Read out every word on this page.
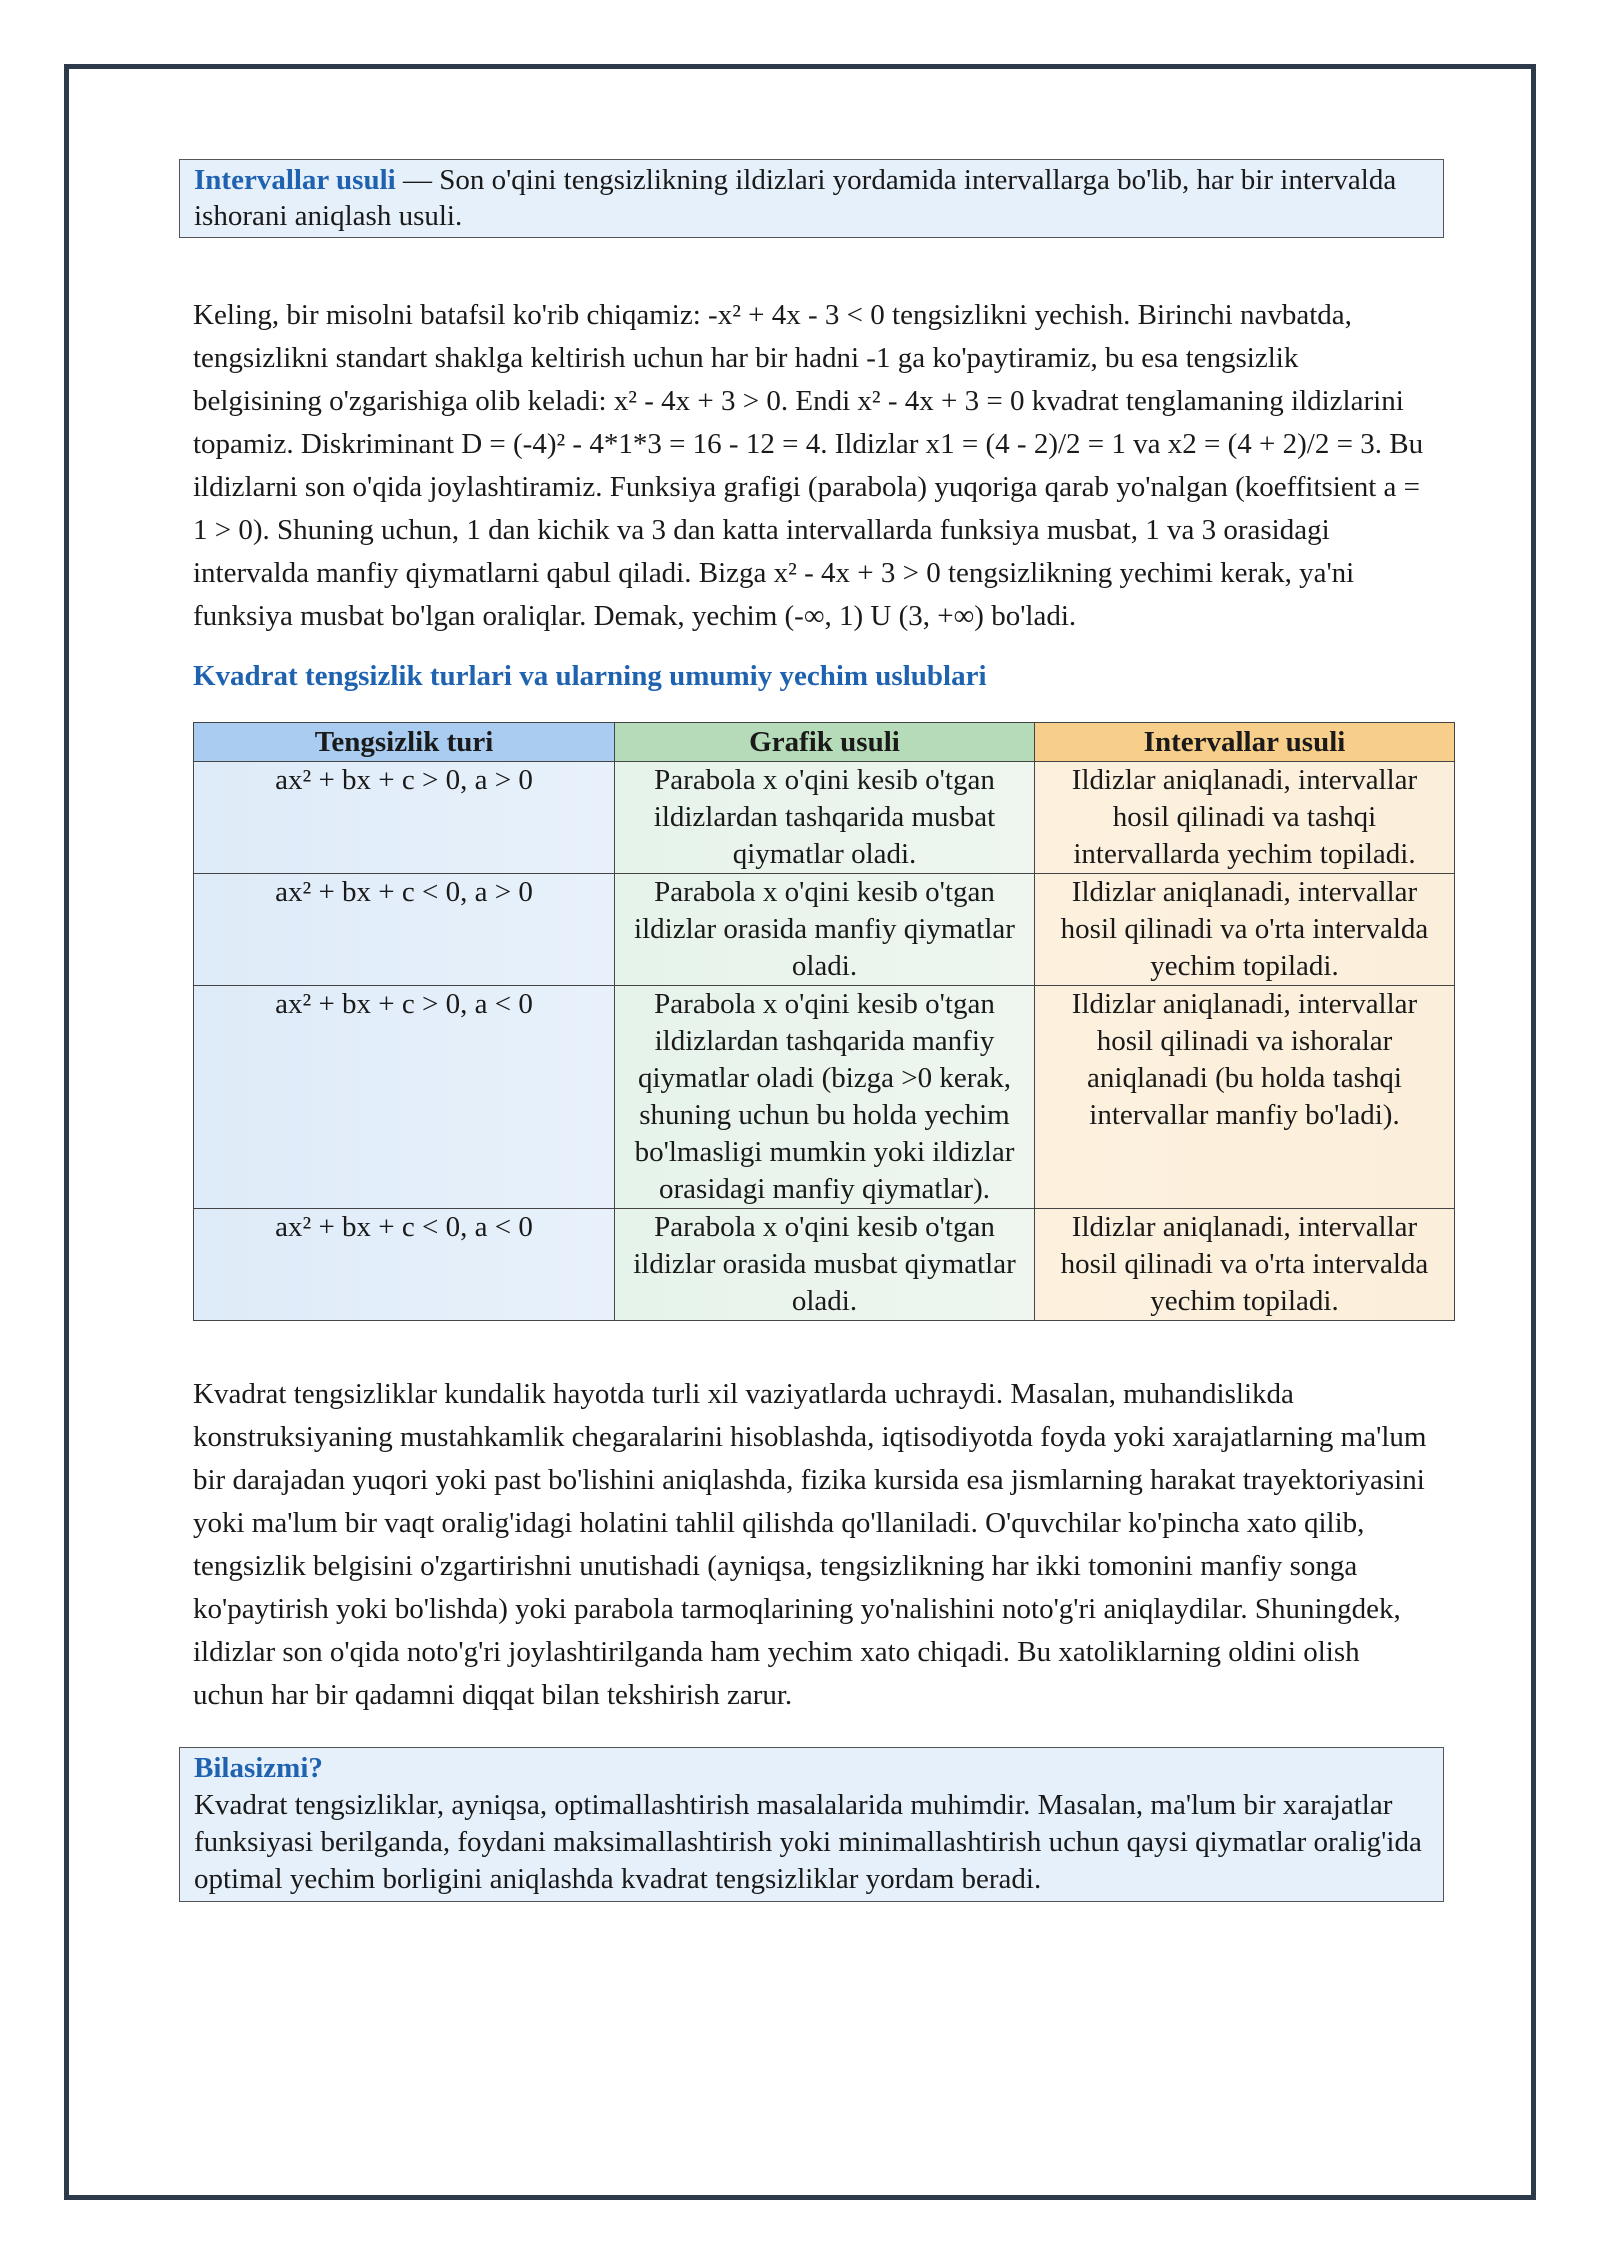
Intervallar usuli — Son o'qini tengsizlikning ildizlari yordamida intervallarga bo'lib, har bir intervalda ishorani aniqlash usuli.

Keling, bir misolni batafsil ko'rib chiqamiz: -x² + 4x - 3 < 0 tengsizlikni yechish. Birinchi navbatda, tengsizlikni standart shaklga keltirish uchun har bir hadni -1 ga ko'paytiramiz, bu esa tengsizlik belgisining o'zgarishiga olib keladi: x² - 4x + 3 > 0. Endi x² - 4x + 3 = 0 kvadrat tenglamaning ildizlarini topamiz. Diskriminant D = (-4)² - 4*1*3 = 16 - 12 = 4. Ildizlar x1 = (4 - 2)/2 = 1 va x2 = (4 + 2)/2 = 3. Bu ildizlarni son o'qida joylashtiramiz. Funksiya grafigi (parabola) yuqoriga qarab yo'nalgan (koeffitsient a = 1 > 0). Shuning uchun, 1 dan kichik va 3 dan katta intervallarda funksiya musbat, 1 va 3 orasidagi intervalda manfiy qiymatlarni qabul qiladi. Bizga x² - 4x + 3 > 0 tengsizlikning yechimi kerak, ya'ni funksiya musbat bo'lgan oraliqlar. Demak, yechim (-∞, 1) U (3, +∞) bo'ladi.

Kvadrat tengsizlik turlari va ularning umumiy yechim uslublari
Tengsizlik turi	Grafik usuli	Intervallar usuli
ax² + bx + c > 0, a > 0	Parabola x o'qini kesib o'tgan ildizlardan tashqarida musbat qiymatlar oladi.	Ildizlar aniqlanadi, intervallar hosil qilinadi va tashqi intervallarda yechim topiladi.
ax² + bx + c < 0, a > 0	Parabola x o'qini kesib o'tgan ildizlar orasida manfiy qiymatlar oladi.	Ildizlar aniqlanadi, intervallar hosil qilinadi va o'rta intervalda yechim topiladi.
ax² + bx + c > 0, a < 0	Parabola x o'qini kesib o'tgan ildizlardan tashqarida manfiy qiymatlar oladi (bizga >0 kerak, shuning uchun bu holda yechim bo'lmasligi mumkin yoki ildizlar orasidagi manfiy qiymatlar).	Ildizlar aniqlanadi, intervallar hosil qilinadi va ishoralar aniqlanadi (bu holda tashqi intervallar manfiy bo'ladi).
ax² + bx + c < 0, a < 0	Parabola x o'qini kesib o'tgan ildizlar orasida musbat qiymatlar oladi.	Ildizlar aniqlanadi, intervallar hosil qilinadi va o'rta intervalda yechim topiladi.

Kvadrat tengsizliklar kundalik hayotda turli xil vaziyatlarda uchraydi. Masalan, muhandislikda konstruksiyaning mustahkamlik chegaralarini hisoblashda, iqtisodiyotda foyda yoki xarajatlarning ma'lum bir darajadan yuqori yoki past bo'lishini aniqlashda, fizika kursida esa jismlarning harakat trayektoriyasini yoki ma'lum bir vaqt oralig'idagi holatini tahlil qilishda qo'llaniladi. O'quvchilar ko'pincha xato qilib, tengsizlik belgisini o'zgartirishni unutishadi (ayniqsa, tengsizlikning har ikki tomonini manfiy songa ko'paytirish yoki bo'lishda) yoki parabola tarmoqlarining yo'nalishini noto'g'ri aniqlaydilar. Shuningdek, ildizlar son o'qida noto'g'ri joylashtirilganda ham yechim xato chiqadi. Bu xatoliklarning oldini olish uchun har bir qadamni diqqat bilan tekshirish zarur.

Bilasizmi?
Kvadrat tengsizliklar, ayniqsa, optimallashtirish masalalarida muhimdir. Masalan, ma'lum bir xarajatlar funksiyasi berilganda, foydani maksimallashtirish yoki minimallashtirish uchun qaysi qiymatlar oralig'ida optimal yechim borligini aniqlashda kvadrat tengsizliklar yordam beradi.
